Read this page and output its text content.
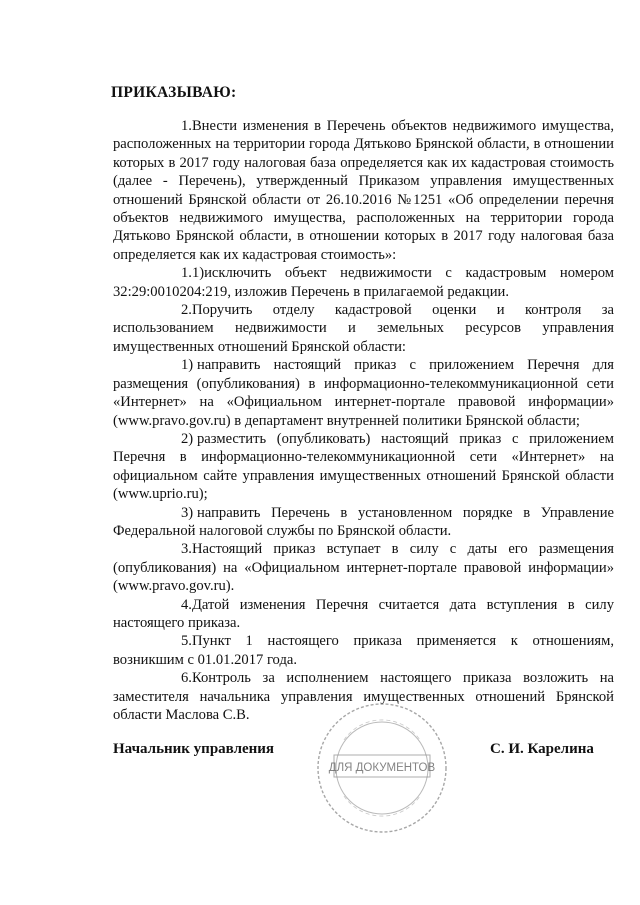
ПРИКАЗЫВАЮ:

1.Внести изменения в Перечень объектов недвижимого имущества, расположенных на территории города Дятьково Брянской области, в отношении которых в 2017 году налоговая база определяется как их кадастровая стоимость (далее - Перечень), утвержденный Приказом управления имущественных отношений Брянской области от 26.10.2016 №1251 «Об определении перечня объектов недвижимого имущества, расположенных на территории города Дятьково Брянской области, в отношении которых в 2017 году налоговая база определяется как их кадастровая стоимость»:

1.1)исключить объект недвижимости с кадастровым номером 32:29:0010204:219, изложив Перечень в прилагаемой редакции.

2.Поручить отделу кадастровой оценки и контроля за использованием недвижимости и земельных ресурсов управления имущественных отношений Брянской области:

1) направить настоящий приказ с приложением Перечня для размещения (опубликования) в информационно-телекоммуникационной сети «Интернет» на «Официальном интернет-портале правовой информации» (www.pravo.gov.ru) в департамент внутренней политики Брянской области;

2) разместить (опубликовать) настоящий приказ с приложением Перечня в информационно-телекоммуникационной сети «Интернет» на официальном сайте управления имущественных отношений Брянской области (www.uprio.ru);

3) направить Перечень в установленном порядке в Управление Федеральной налоговой службы по Брянской области.

3.Настоящий приказ вступает в силу с даты его размещения (опубликования) на «Официальном интернет-портале правовой информации» (www.pravo.gov.ru).

4.Датой изменения Перечня считается дата вступления в силу настоящего приказа.

5.Пункт 1 настоящего приказа применяется к отношениям, возникшим с 01.01.2017 года.

6.Контроль за исполнением настоящего приказа возложить на заместителя начальника управления имущественных отношений Брянской области Маслова С.В.

ДЛЯ ДОКУМЕНТОВ
Начальник управления	С. И. Карелина
